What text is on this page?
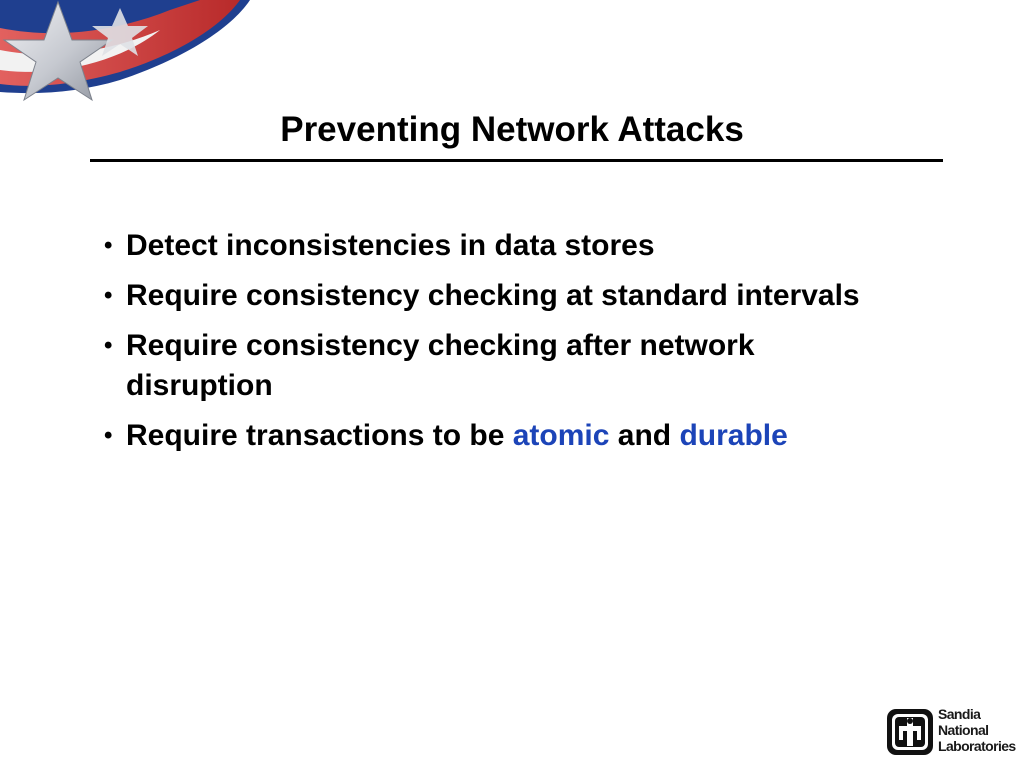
Preventing Network Attacks
• Detect inconsistencies in data stores
• Require consistency checking at standard intervals
• Require consistency checking after network disruption
• Require transactions to be atomic and durable
Sandia
National
Laboratories
